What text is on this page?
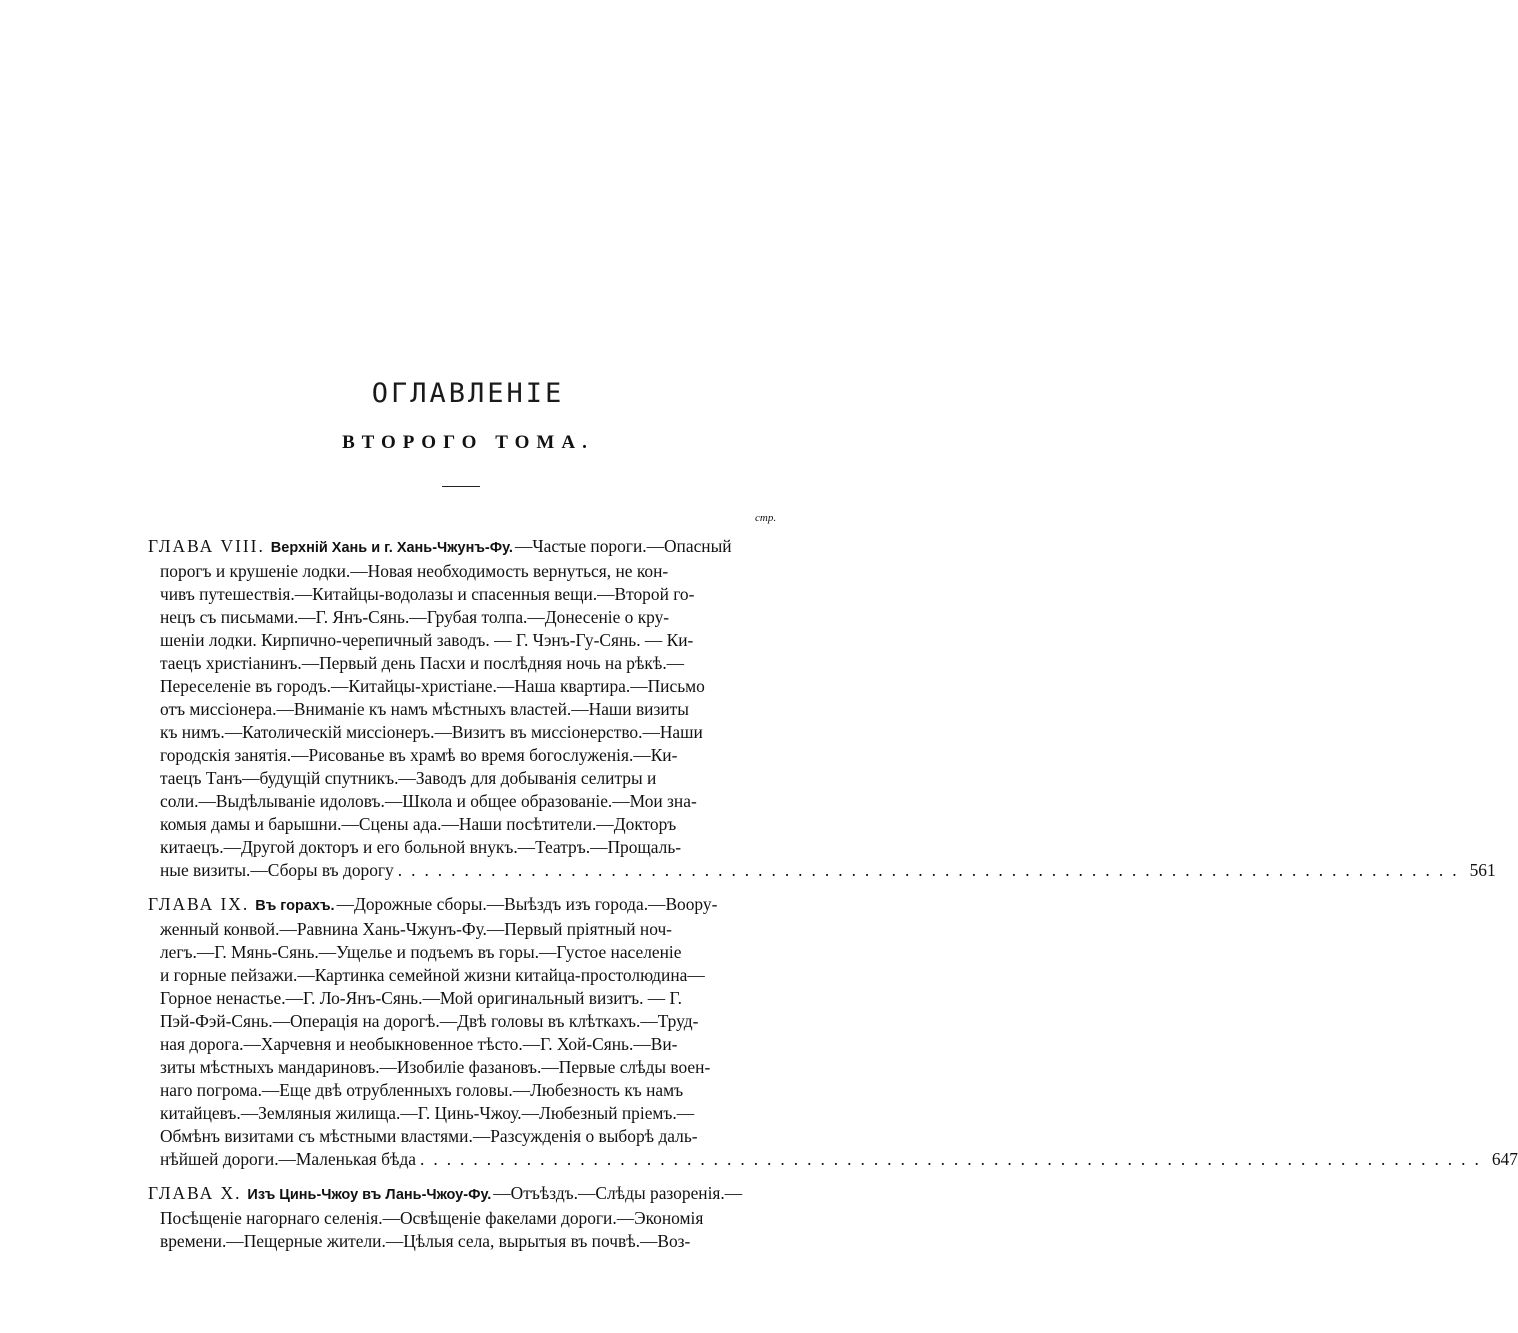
ОГЛАВЛЕНІЕ
ВТОРОГО ТОМА.
стр.
ГЛАВА VIII. Верхній Хань и г. Хань-Чжунъ-Фу. —Частые пороги.—Опасный
порогъ и крушеніе лодки.—Новая необходимость вернуться, не кон-
чивъ путешествія.—Китайцы-водолазы и спасенныя вещи.—Второй го-
нецъ съ письмами.—Г. Янъ-Сянь.—Грубая толпа.—Донесеніе о кру-
шеніи лодки. Кирпично-черепичный заводъ. — Г. Чэнъ-Гу-Сянь. — Ки-
таецъ христіанинъ.—Первый день Пасхи и послѣдняя ночь на рѣкѣ.—
Переселеніе въ городъ.—Китайцы-христіане.—Наша квартира.—Письмо
отъ миссіонера.—Вниманіе къ намъ мѣстныхъ властей.—Наши визиты
къ нимъ.—Католическій миссіонеръ.—Визитъ въ миссіонерство.—Наши
городскія занятія.—Рисованье въ храмѣ во время богослуженія.—Ки-
таецъ Танъ—будущій спутникъ.—Заводъ для добыванія селитры и
соли.—Выдѣлываніе идоловъ.—Школа и общее образованіе.—Мои зна-
комыя дамы и барышни.—Сцены ада.—Наши посѣтители.—Докторъ
китаецъ.—Другой докторъ и его больной внукъ.—Театръ.—Прощаль-
ные визиты.—Сборы въ дорогу ................................................................................ 561
ГЛАВА IX. Въ горахъ. —Дорожные сборы.—Выѣздъ изъ города.—Воору-
женный конвой.—Равнина Хань-Чжунъ-Фу.—Первый пріятный ноч-
легъ.—Г. Мянь-Сянь.—Ущелье и подъемъ въ горы.—Густое населеніе
и горные пейзажи.—Картинка семейной жизни китайца-простолюдина—
Горное ненастье.—Г. Ло-Янъ-Сянь.—Мой оригинальный визитъ. — Г.
Пэй-Фэй-Сянь.—Операція на дорогѣ.—Двѣ головы въ клѣткахъ.—Труд-
ная дорога.—Харчевня и необыкновенное тѣсто.—Г. Хой-Сянь.—Ви-
зиты мѣстныхъ мандариновъ.—Изобиліе фазановъ.—Первые слѣды воен-
наго погрома.—Еще двѣ отрубленныхъ головы.—Любезность къ намъ
китайцевъ.—Земляныя жилища.—Г. Цинь-Чжоу.—Любезный пріемъ.—
Обмѣнъ визитами съ мѣстными властями.—Разсужденія о выборѣ даль-
нѣйшей дороги.—Маленькая бѣда ................................................................................ 647
ГЛАВА X. Изъ Цинь-Чжоу въ Лань-Чжоу-Фу. —Отъѣздъ.—Слѣды разоренія.—
Посѣщеніе нагорнаго селенія.—Освѣщеніе факелами дороги.—Экономія
времени.—Пещерные жители.—Цѣлыя села, вырытыя въ почвѣ.—Воз-
